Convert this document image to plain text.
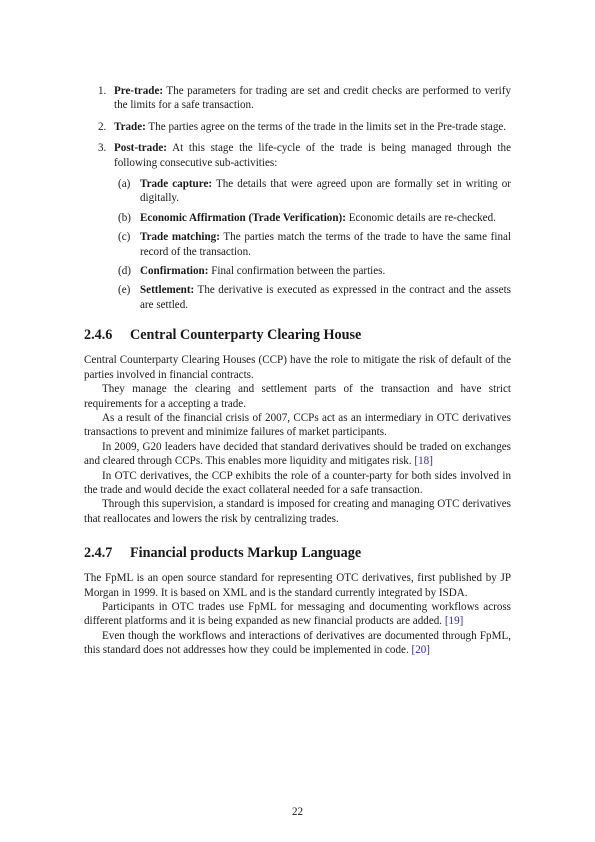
1. Pre-trade: The parameters for trading are set and credit checks are performed to verify the limits for a safe transaction.
2. Trade: The parties agree on the terms of the trade in the limits set in the Pre-trade stage.
3. Post-trade: At this stage the life-cycle of the trade is being managed through the following consecutive sub-activities:
(a) Trade capture: The details that were agreed upon are formally set in writing or digitally.
(b) Economic Affirmation (Trade Verification): Economic details are re-checked.
(c) Trade matching: The parties match the terms of the trade to have the same final record of the transaction.
(d) Confirmation: Final confirmation between the parties.
(e) Settlement: The derivative is executed as expressed in the contract and the assets are settled.
2.4.6 Central Counterparty Clearing House

Central Counterparty Clearing Houses (CCP) have the role to mitigate the risk of default of the parties involved in financial contracts.

They manage the clearing and settlement parts of the transaction and have strict requirements for a accepting a trade.

As a result of the financial crisis of 2007, CCPs act as an intermediary in OTC derivatives transactions to prevent and minimize failures of market participants.

In 2009, G20 leaders have decided that standard derivatives should be traded on exchanges and cleared through CCPs. This enables more liquidity and mitigates risk. [18]

In OTC derivatives, the CCP exhibits the role of a counter-party for both sides involved in the trade and would decide the exact collateral needed for a safe transaction.

Through this supervision, a standard is imposed for creating and managing OTC derivatives that reallocates and lowers the risk by centralizing trades.

2.4.7 Financial products Markup Language

The FpML is an open source standard for representing OTC derivatives, first published by JP Morgan in 1999. It is based on XML and is the standard currently integrated by ISDA.

Participants in OTC trades use FpML for messaging and documenting workflows across different platforms and it is being expanded as new financial products are added. [19]

Even though the workflows and interactions of derivatives are documented through FpML, this standard does not addresses how they could be implemented in code. [20]

22
